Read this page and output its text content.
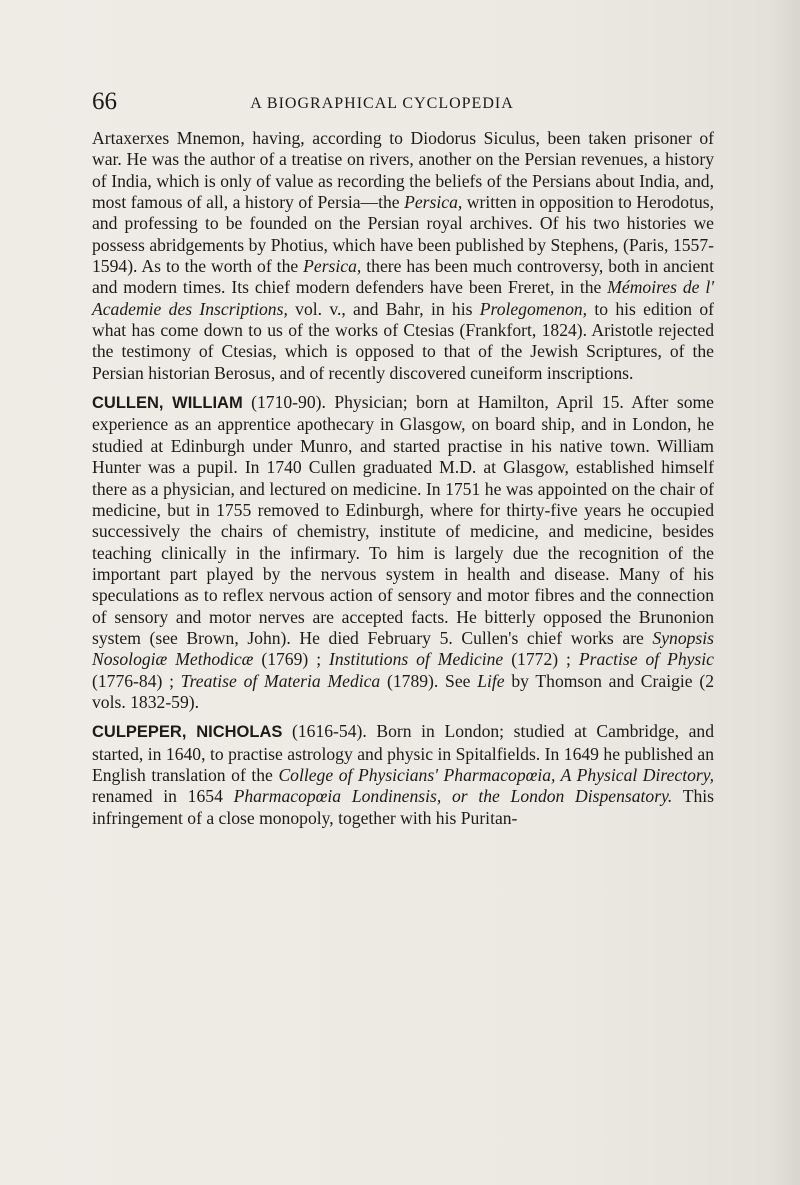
66	A BIOGRAPHICAL CYCLOPEDIA

Artaxerxes Mnemon, having, according to Diodorus Siculus, been taken prisoner of war. He was the author of a treatise on rivers, another on the Persian revenues, a history of India, which is only of value as recording the beliefs of the Persians about India, and, most famous of all, a history of Persia—the Persica, written in opposition to Herodotus, and professing to be founded on the Persian royal archives. Of his two histories we possess abridgements by Photius, which have been published by Stephens, (Paris, 1557-1594). As to the worth of the Persica, there has been much controversy, both in ancient and modern times. Its chief modern defenders have been Freret, in the Mémoires de l' Academie des Inscriptions, vol. v., and Bahr, in his Prolegomenon, to his edition of what has come down to us of the works of Ctesias (Frankfort, 1824). Aristotle rejected the testimony of Ctesias, which is opposed to that of the Jewish Scriptures, of the Persian historian Berosus, and of recently discovered cuneiform inscriptions.

CULLEN, WILLIAM (1710-90). Physician; born at Hamilton, April 15. After some experience as an apprentice apothecary in Glasgow, on board ship, and in London, he studied at Edinburgh under Munro, and started practise in his native town. William Hunter was a pupil. In 1740 Cullen graduated M.D. at Glasgow, established himself there as a physician, and lectured on medicine. In 1751 he was appointed on the chair of medicine, but in 1755 removed to Edinburgh, where for thirty-five years he occupied successively the chairs of chemistry, institute of medicine, and medicine, besides teaching clinically in the infirmary. To him is largely due the recognition of the important part played by the nervous system in health and disease. Many of his speculations as to reflex nervous action of sensory and motor fibres and the connection of sensory and motor nerves are accepted facts. He bitterly opposed the Brunonion system (see Brown, John). He died February 5. Cullen's chief works are Synopsis Nosologiæ Methodicæ (1769) ; Institutions of Medicine (1772) ; Practise of Physic (1776-84) ; Treatise of Materia Medica (1789). See Life by Thomson and Craigie (2 vols. 1832-59).

CULPEPER, NICHOLAS (1616-54). Born in London; studied at Cambridge, and started, in 1640, to practise astrology and physic in Spitalfields. In 1649 he published an English translation of the College of Physicians' Pharmacopœia, A Physical Directory, renamed in 1654 Pharmacopœia Londinensis, or the London Dispensatory. This infringement of a close monopoly, together with his Puritan-
